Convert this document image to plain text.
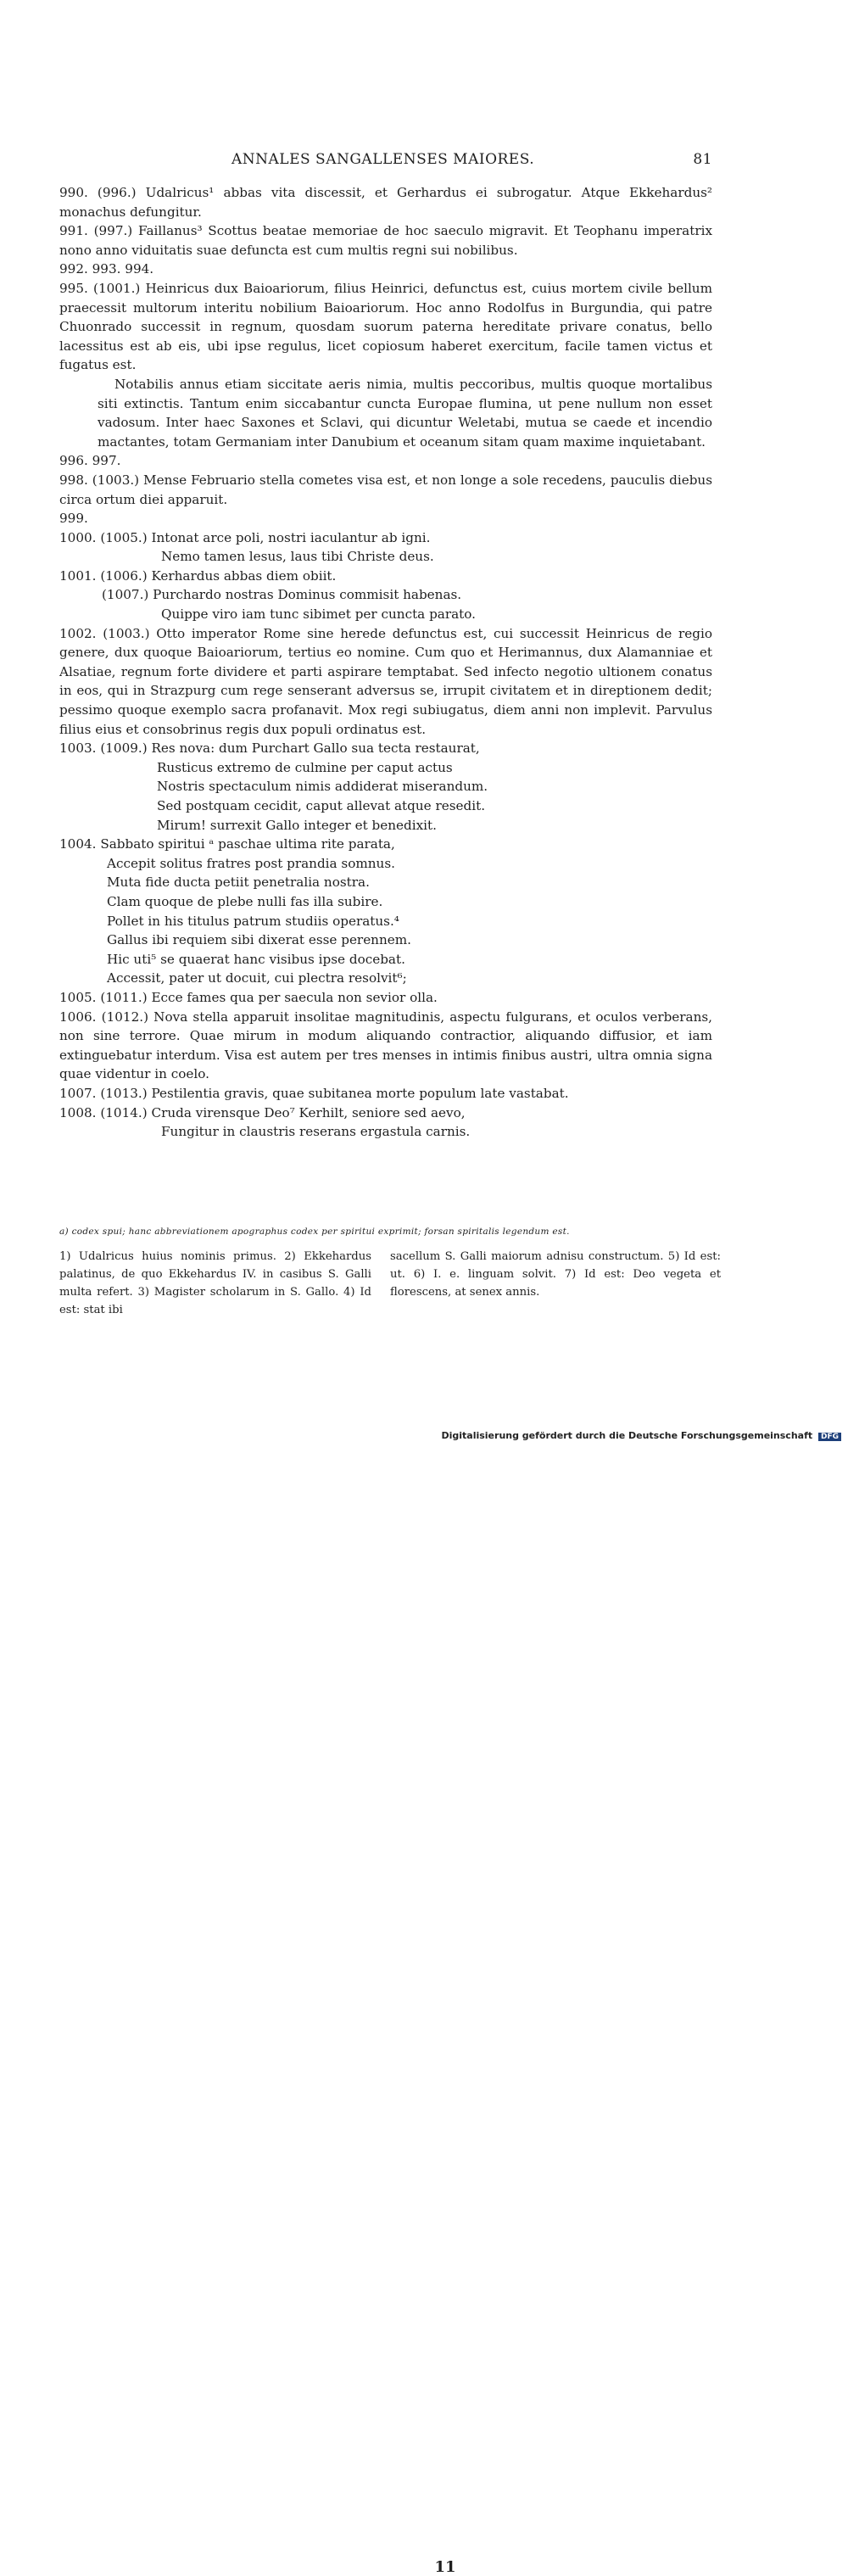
ANNALES SANGALLENSES MAIORES.	81

990. (996.) Udalricus¹ abbas vita discessit, et Gerhardus ei subrogatur. Atque Ekkehardus² monachus defungitur.

991. (997.) Faillanus³ Scottus beatae memoriae de hoc saeculo migravit. Et Teophanu imperatrix nono anno viduitatis suae defuncta est cum multis regni sui nobilibus.

992. 993. 994.

995. (1001.) Heinricus dux Baioariorum, filius Heinrici, defunctus est, cuius mortem civile bellum praecessit multorum interitu nobilium Baioariorum. Hoc anno Rodolfus in Burgundia, qui patre Chuonrado successit in regnum, quosdam suorum paterna hereditate privare conatus, bello lacessitus est ab eis, ubi ipse regulus, licet copiosum haberet exercitum, facile tamen victus et fugatus est.

Notabilis annus etiam siccitate aeris nimia, multis peccoribus, multis quoque mortalibus siti extinctis. Tantum enim siccabantur cuncta Europae flumina, ut pene nullum non esset vadosum. Inter haec Saxones et Sclavi, qui dicuntur Weletabi, mutua se caede et incendio mactantes, totam Germaniam inter Danubium et oceanum sitam quam maxime inquietabant.

996. 997.

998. (1003.) Mense Februario stella cometes visa est, et non longe a sole recedens, pauculis diebus circa ortum diei apparuit.

999.

1000. (1005.) Intonat arce poli, nostri iaculantur ab igni.

Nemo tamen lesus, laus tibi Christe deus.

1001. (1006.) Kerhardus abbas diem obiit.

(1007.) Purchardo nostras Dominus commisit habenas.

Quippe viro iam tunc sibimet per cuncta parato.

1002. (1003.) Otto imperator Rome sine herede defunctus est, cui successit Heinricus de regio genere, dux quoque Baioariorum, tertius eo nomine. Cum quo et Herimannus, dux Alamanniae et Alsatiae, regnum forte dividere et parti aspirare temptabat. Sed infecto negotio ultionem conatus in eos, qui in Strazpurg cum rege senserant adversus se, irrupit civitatem et in direptionem dedit; pessimo quoque exemplo sacra profanavit. Mox regi subiugatus, diem anni non implevit. Parvulus filius eius et consobrinus regis dux populi ordinatus est.

1003. (1009.) Res nova: dum Purchart Gallo sua tecta restaurat,

Rusticus extremo de culmine per caput actus

Nostris spectaculum nimis addiderat miserandum.

Sed postquam cecidit, caput allevat atque resedit.

Mirum! surrexit Gallo integer et benedixit.

1004. Sabbato spiritui ᵃ paschae ultima rite parata,

Accepit solitus fratres post prandia somnus.

Muta fide ducta petiit penetralia nostra.

Clam quoque de plebe nulli fas illa subire.

Pollet in his titulus patrum studiis operatus.⁴

Gallus ibi requiem sibi dixerat esse perennem.

Hic uti⁵ se quaerat hanc visibus ipse docebat.

Accessit, pater ut docuit, cui plectra resolvit⁶;

1005. (1011.) Ecce fames qua per saecula non sevior olla.

1006. (1012.) Nova stella apparuit insolitae magnitudinis, aspectu fulgurans, et oculos verberans, non sine terrore. Quae mirum in modum aliquando contractior, aliquando diffusior, et iam extinguebatur interdum. Visa est autem per tres menses in intimis finibus austri, ultra omnia signa quae videntur in coelo.

1007. (1013.) Pestilentia gravis, quae subitanea morte populum late vastabat.

1008. (1014.) Cruda virensque Deo⁷ Kerhilt, seniore sed aevo,

Fungitur in claustris reserans ergastula carnis.

a) codex spui; hanc abbreviationem apographus codex per spiritui exprimit; forsan spiritalis legendum est.
1) Udalricus huius nominis primus. 2) Ekkehardus palatinus, de quo Ekkehardus IV. in casibus S. Galli multa refert. 3) Magister scholarum in S. Gallo. 4) Id est: stat ibi
sacellum S. Galli maiorum adnisu constructum. 5) Id est: ut. 6) I. e. linguam solvit. 7) Id est: Deo vegeta et florescens, at senex annis.
11
Digitalisierung gefördert durch die Deutsche Forschungsgemeinschaft DFG
